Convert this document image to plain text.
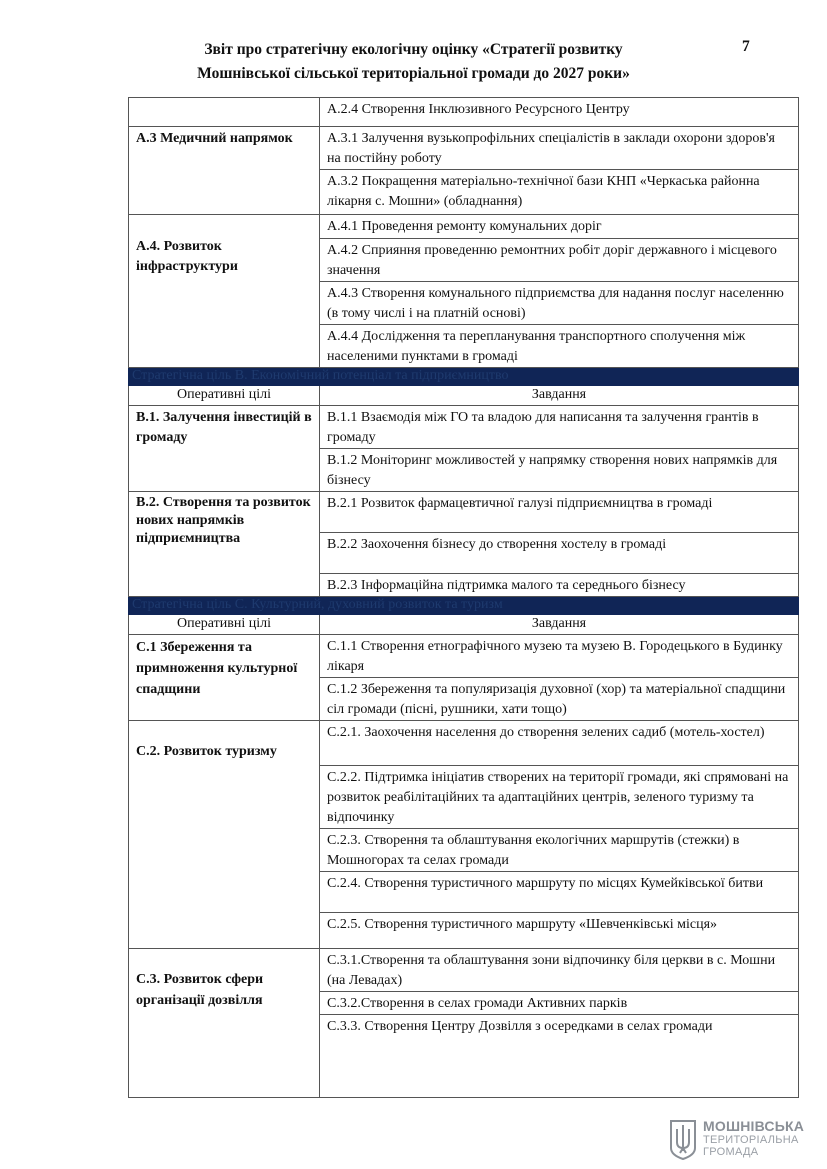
Звіт про стратегічну екологічну оцінку «Стратегії розвитку
Мошнівської сільської територіальної громади до 2027 роки»
7
	А.2.4 Створення Інклюзивного Ресурсного Центру
А.3 Медичний напрямок	А.3.1 Залучення вузькопрофільних спеціалістів в заклади охорони здоров'я на постійну роботу
	А.3.2 Покращення матеріально-технічної бази КНП «Черкаська районна лікарня с. Мошни» (обладнання)
А.4. Розвиток інфраструктури	А.4.1 Проведення ремонту комунальних доріг
	А.4.2 Сприяння проведенню ремонтних робіт доріг державного і місцевого значення
	А.4.3 Створення комунального підприємства для надання послуг населенню (в тому числі і на платній основі)
	А.4.4 Дослідження та перепланування транспортного сполучення між населеними пунктами в громаді
Стратегічна ціль В. Економічний потенціал та підприємництво	
Оперативні цілі	Завдання
В.1. Залучення інвестицій в громаду	В.1.1 Взаємодія між ГО та владою для написання та залучення грантів в громаду
	В.1.2 Моніторинг можливостей у напрямку створення нових напрямків для бізнесу
В.2. Створення та розвиток нових напрямків підприємництва	В.2.1 Розвиток фармацевтичної галузі підприємництва в громаді
	В.2.2 Заохочення бізнесу до створення хостелу в громаді
	В.2.3 Інформаційна підтримка малого та середнього бізнесу
Стратегічна ціль С. Культурний, духовний розвиток та туризм	
Оперативні цілі	Завдання
С.1 Збереження та примноження культурної спадщини	С.1.1 Створення етнографічного музею та музею В. Городецького в Будинку лікаря
	С.1.2 Збереження та популяризація духовної (хор) та матеріальної спадщини сіл громади (пісні, рушники, хати тощо)
С.2. Розвиток туризму	С.2.1. Заохочення населення до створення зелених садиб (мотель-хостел)
	С.2.2. Підтримка ініціатив створених на території громади, які спрямовані на розвиток реабілітаційних та адаптаційних центрів, зеленого туризму та відпочинку
	С.2.3. Створення та облаштування екологічних маршрутів (стежки) в Мошногорах та селах громади
	С.2.4. Створення туристичного маршруту по місцях Кумейківської битви
	С.2.5. Створення туристичного маршруту «Шевченківські місця»
С.3. Розвиток сфери організації дозвілля	С.3.1.Створення та облаштування зони відпочинку біля церкви в с. Мошни (на Левадах)
	С.3.2.Створення в селах громади Активних парків
	С.3.3. Створення Центру Дозвілля з осередками в селах громади
МОШНІВСЬКА
ТЕРИТОРІАЛЬНА
ГРОМАДА
